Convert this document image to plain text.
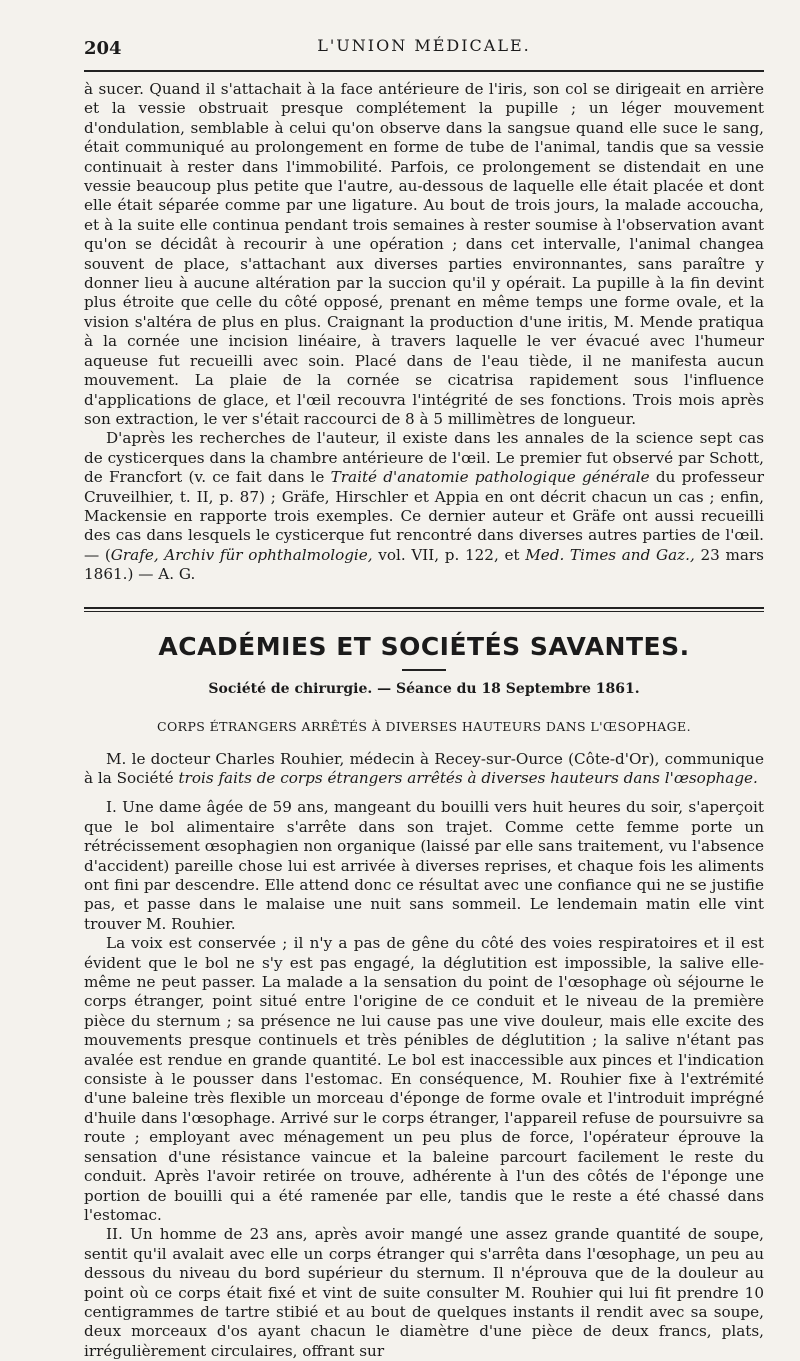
204	L'UNION MÉDICALE.

à sucer. Quand il s'attachait à la face antérieure de l'iris, son col se dirigeait en arrière et la vessie obstruait presque complétement la pupille ; un léger mouvement d'ondulation, semblable à celui qu'on observe dans la sangsue quand elle suce le sang, était communiqué au prolongement en forme de tube de l'animal, tandis que sa vessie continuait à rester dans l'immobilité. Parfois, ce prolongement se distendait en une vessie beaucoup plus petite que l'autre, au-dessous de laquelle elle était placée et dont elle était séparée comme par une ligature. Au bout de trois jours, la malade accoucha, et à la suite elle continua pendant trois semaines à rester soumise à l'observation avant qu'on se décidât à recourir à une opération ; dans cet intervalle, l'animal changea souvent de place, s'attachant aux diverses parties environnantes, sans paraître y donner lieu à aucune altération par la succion qu'il y opérait. La pupille à la fin devint plus étroite que celle du côté opposé, prenant en même temps une forme ovale, et la vision s'altéra de plus en plus. Craignant la production d'une iritis, M. Mende pratiqua à la cornée une incision linéaire, à travers laquelle le ver évacué avec l'humeur aqueuse fut recueilli avec soin. Placé dans de l'eau tiède, il ne manifesta aucun mouvement. La plaie de la cornée se cicatrisa rapidement sous l'influence d'applications de glace, et l'œil recouvra l'intégrité de ses fonctions. Trois mois après son extraction, le ver s'était raccourci de 8 à 5 millimètres de longueur.

D'après les recherches de l'auteur, il existe dans les annales de la science sept cas de cysticerques dans la chambre antérieure de l'œil. Le premier fut observé par Schott, de Francfort (v. ce fait dans le Traité d'anatomie pathologique générale du professeur Cruveilhier, t. II, p. 87) ; Gräfe, Hirschler et Appia en ont décrit chacun un cas ; enfin, Mackensie en rapporte trois exemples. Ce dernier auteur et Gräfe ont aussi recueilli des cas dans lesquels le cysticerque fut rencontré dans diverses autres parties de l'œil. — (Grafe, Archiv für ophthalmologie, vol. VII, p. 122, et Med. Times and Gaz., 23 mars 1861.) — A. G.

ACADÉMIES ET SOCIÉTÉS SAVANTES.
Société de chirurgie. — Séance du 18 Septembre 1861.
CORPS ÉTRANGERS ARRÊTÉS À DIVERSES HAUTEURS DANS L'ŒSOPHAGE.

M. le docteur Charles Rouhier, médecin à Recey-sur-Ource (Côte-d'Or), communique à la Société trois faits de corps étrangers arrêtés à diverses hauteurs dans l'œsophage.

I. Une dame âgée de 59 ans, mangeant du bouilli vers huit heures du soir, s'aperçoit que le bol alimentaire s'arrête dans son trajet. Comme cette femme porte un rétrécissement œsophagien non organique (laissé par elle sans traitement, vu l'absence d'accident) pareille chose lui est arrivée à diverses reprises, et chaque fois les aliments ont fini par descendre. Elle attend donc ce résultat avec une confiance qui ne se justifie pas, et passe dans le malaise une nuit sans sommeil. Le lendemain matin elle vint trouver M. Rouhier.

La voix est conservée ; il n'y a pas de gêne du côté des voies respiratoires et il est évident que le bol ne s'y est pas engagé, la déglutition est impossible, la salive elle-même ne peut passer. La malade a la sensation du point de l'œsophage où séjourne le corps étranger, point situé entre l'origine de ce conduit et le niveau de la première pièce du sternum ; sa présence ne lui cause pas une vive douleur, mais elle excite des mouvements presque continuels et très pénibles de déglutition ; la salive n'étant pas avalée est rendue en grande quantité. Le bol est inaccessible aux pinces et l'indication consiste à le pousser dans l'estomac. En conséquence, M. Rouhier fixe à l'extrémité d'une baleine très flexible un morceau d'éponge de forme ovale et l'introduit imprégné d'huile dans l'œsophage. Arrivé sur le corps étranger, l'appareil refuse de poursuivre sa route ; employant avec ménagement un peu plus de force, l'opérateur éprouve la sensation d'une résistance vaincue et la baleine parcourt facilement le reste du conduit. Après l'avoir retirée on trouve, adhérente à l'un des côtés de l'éponge une portion de bouilli qui a été ramenée par elle, tandis que le reste a été chassé dans l'estomac.

II. Un homme de 23 ans, après avoir mangé une assez grande quantité de soupe, sentit qu'il avalait avec elle un corps étranger qui s'arrêta dans l'œsophage, un peu au dessous du niveau du bord supérieur du sternum. Il n'éprouva que de la douleur au point où ce corps était fixé et vint de suite consulter M. Rouhier qui lui fit prendre 10 centigrammes de tartre stibié et au bout de quelques instants il rendit avec sa soupe, deux morceaux d'os ayant chacun le diamètre d'une pièce de deux francs, plats, irrégulièrement circulaires, offrant sur
